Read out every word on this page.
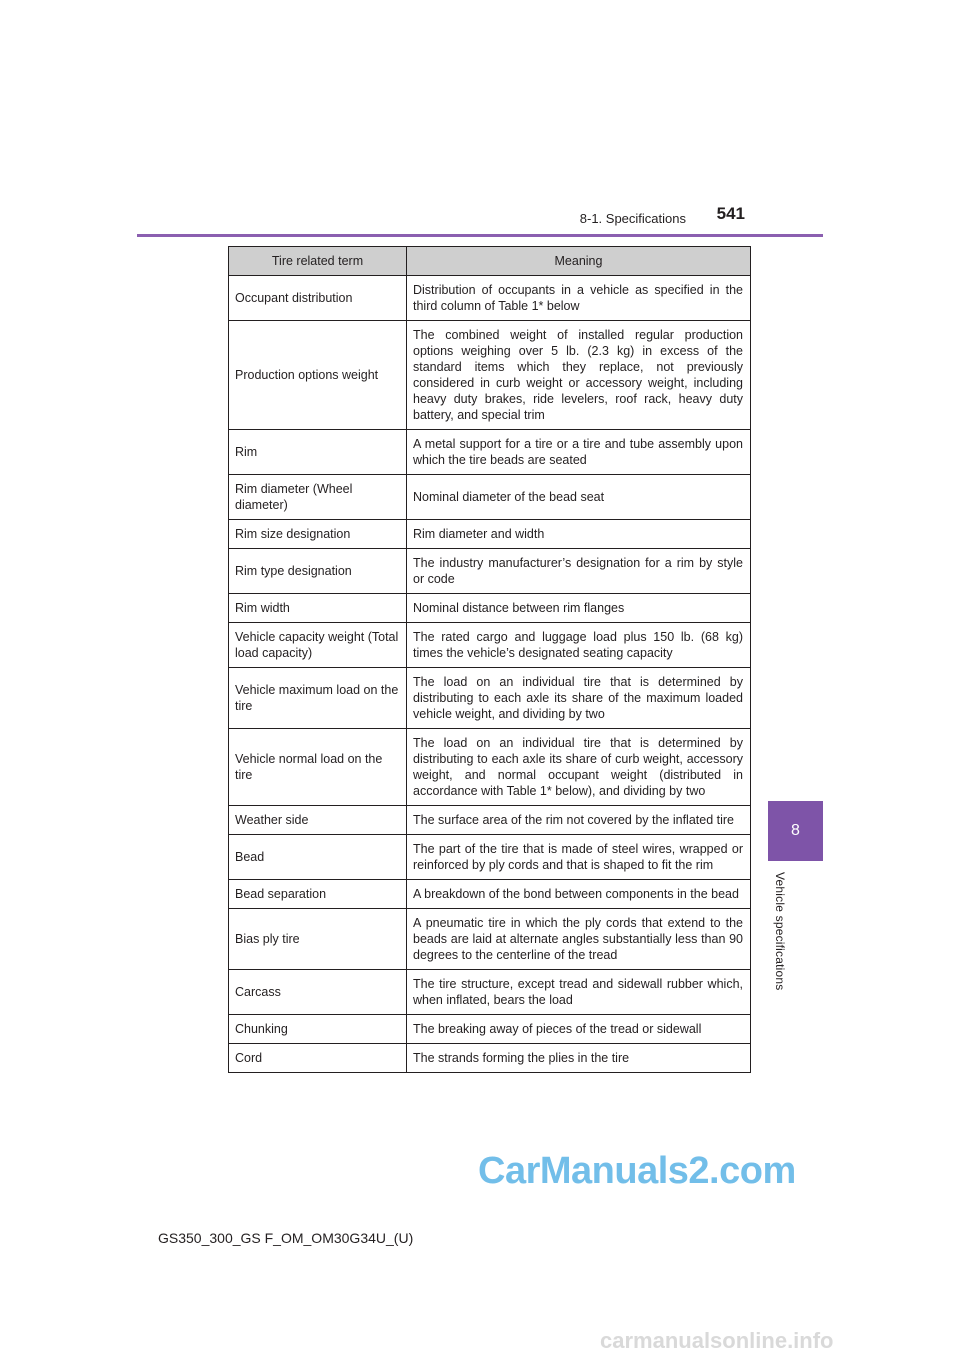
8-1. Specifications 541
8
Vehicle specifications
Tire related term	Meaning
Occupant distribution	Distribution of occupants in a vehicle as specified in the third column of Table 1* below
Production options weight	The combined weight of installed regular production options weighing over 5 lb. (2.3 kg) in excess of the standard items which they replace, not previously considered in curb weight or accessory weight, including heavy duty brakes, ride levelers, roof rack, heavy duty battery, and special trim
Rim	A metal support for a tire or a tire and tube assembly upon which the tire beads are seated
Rim diameter (Wheel diameter)	Nominal diameter of the bead seat
Rim size designation	Rim diameter and width
Rim type designation	The industry manufacturer’s designation for a rim by style or code
Rim width	Nominal distance between rim flanges
Vehicle capacity weight (Total load capacity)	The rated cargo and luggage load plus 150 lb. (68 kg) times the vehicle’s designated seating capacity
Vehicle maximum load on the tire	The load on an individual tire that is determined by distributing to each axle its share of the maximum loaded vehicle weight, and dividing by two
Vehicle normal load on the tire	The load on an individual tire that is determined by distributing to each axle its share of curb weight, accessory weight, and normal occupant weight (distributed in accordance with Table 1* below), and dividing by two
Weather side	The surface area of the rim not covered by the inflated tire
Bead	The part of the tire that is made of steel wires, wrapped or reinforced by ply cords and that is shaped to fit the rim
Bead separation	A breakdown of the bond between components in the bead
Bias ply tire	A pneumatic tire in which the ply cords that extend to the beads are laid at alternate angles substantially less than 90 degrees to the centerline of the tread
Carcass	The tire structure, except tread and sidewall rubber which, when inflated, bears the load
Chunking	The breaking away of pieces of the tread or sidewall
Cord	The strands forming the plies in the tire
CarManuals2.com
GS350_300_GS F_OM_OM30G34U_(U)
carmanualsonline.info
